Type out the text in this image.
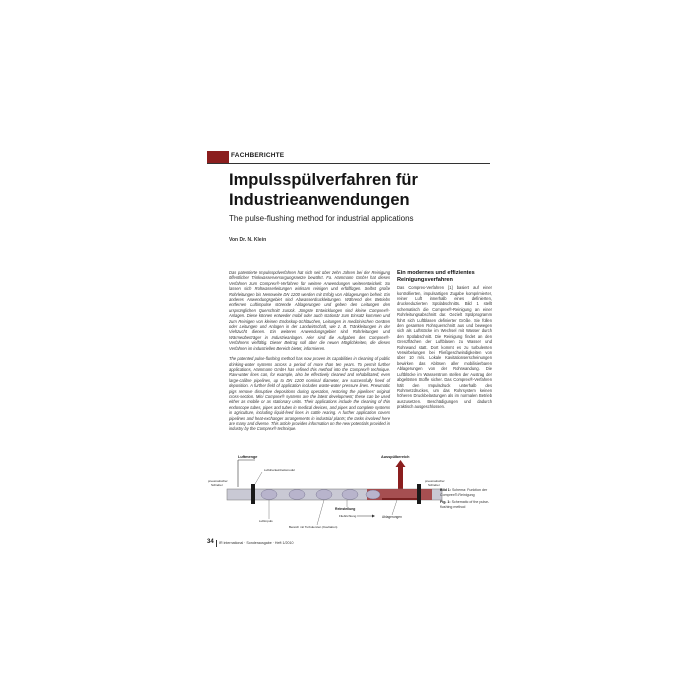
FACHBERICHTE
Impulsspülverfahren für
Industrieanwendungen
The pulse-flushing method for industrial applications
Von Dr. N. Klein

Das patentierte Impulsspülverfahren hat sich seit über zehn Jahren bei der Reinigung öffentlicher Trinkwasserversorgungsnetze bewährt. Fa. Hammann GmbH hat dieses Verfahren zum Comprex®-Verfahren für weitere Anwendungen weiterentwickelt. So lassen sich Rohwasserleitungen wirksam reinigen und erfüllfügen. Selbst große Rohrleitungen bis Nennweite DN 1200 werden mit Erfolg von Ablagerungen befreit. Ein anderes Anwendungsgebiet sind Abwasserdruckleitungen. Während des Betriebs entfernen Luftimpulse störende Ablagerungen und geben den Leitungen den ursprünglichen Querschnitt zurück. Jüngste Entwicklungen sind kleine Comprex®-Anlagen. Diese können entweder mobil oder auch stationär zum Einsatz kommen und zum Reinigen von kleinen Endoskop-Schläuchen, Leitungen in medizinischen Geräten oder Leitungen und Anlagen in der Landwirtschaft, wie z. B. Tränkleitungen in der Viehzucht dienen. Ein weiteres Anwendungsgebiet sind Rohrleitungen und Wärmeüberträger in Industrieanlagen. Hier sind die Aufgaben des Comprex®-Verfahrens vielfältig. Dieser Beitrag soll über die neuen Möglichkeiten, die dieses Verfahren im industriellen Bereich bietet, informieren.

The patented pulse-flushing method has now proven its capabilities in cleaning of public drinking-water systems across a period of more than ten years. To permit further applications, Hammann GmbH has refined this method into the Comprex® technique. Raw-water lines can, for example, also be effectively cleaned and rehabilitated; even large-calibre pipelines, up to DN 1200 nominal diameter, are successfully freed of deposition. A further field of application includes waste-water pressure lines. Pneumatic pigs remove disruptive depositions during operation, restoring the pipelines' original cross-section. Mini Comprex® systems are the latest development; these can be used either as mobile or as stationary units. Their applications include the cleaning of thin endoscope tubes, pipes and tubes in medical devices, and pipes and complete systems in agriculture, including liquid-feed lines in cattle rearing. A further application covers pipelines and heat-exchanger arrangements in industrial plants; the tasks involved here are many and diverse. This article provides information on the new potentials provided in industry by the Comprex® technique.

Ein modernes und effizientes
Reinigungsverfahren

Das Comprex-Verfahren [1] basiert auf einer kontrollierten, impulsartigen Zugabe komprimierter, reiner Luft innerhalb eines definierten, druckreduzierten Spülabschnitts. Bild 1 stellt schematisch die Comprex®-Reinigung an einer Rohrleitungsabschnitt dar. Gezielt Spülprogramm führt sich Luftblasen definierter Größe. Sie füllen den gesamten Rohrquerschnitt aus und bewegen sich als Luftstöcke im Wechsel mit Wasser durch den Spülabschnitt. Die Reinigung findet an den Grenzflächen der Luftblasen zu Wasser und Rohrwand statt. Dort kommt es zu turbulenten Verwirbelungen bei Fließgeschwindigkeiten von über 10 m/s. Lokale Kavitationserscheinungen bewirken das Ablösen aller mobilisierbaren Ablagerungen von der Rohrwandung. Die Luftblöcke im Wasserstrom stellen der Austrag der abgelösten Stoffe sicher. Das Comprex®-Verfahren hält den Impulsdruck unterhalb des Rohrnetzdruckes, um das Rohrsystem keinen höheren Druckbelastungen als im normalen Betrieb auszusetzen. Beschädigungen und dadurch praktisch ausgeschlossen.

Luftmenge
Luftdruckeinheitsmodul
pneumatischer
Schieber
Ausspülbereich
pneumatischer
Schieber
Reinstellung
Fließrichtung
Luftimpuls
Ablagerungen
Bereich mit Turbulenzen (Kavitation)

Bild 1: Schema: Funktion der Comprex®-Reinigung

Fig. 1: Schematic of the pulse-flushing method

34 IR international · Sonderausgabe · Heft 1/2010
